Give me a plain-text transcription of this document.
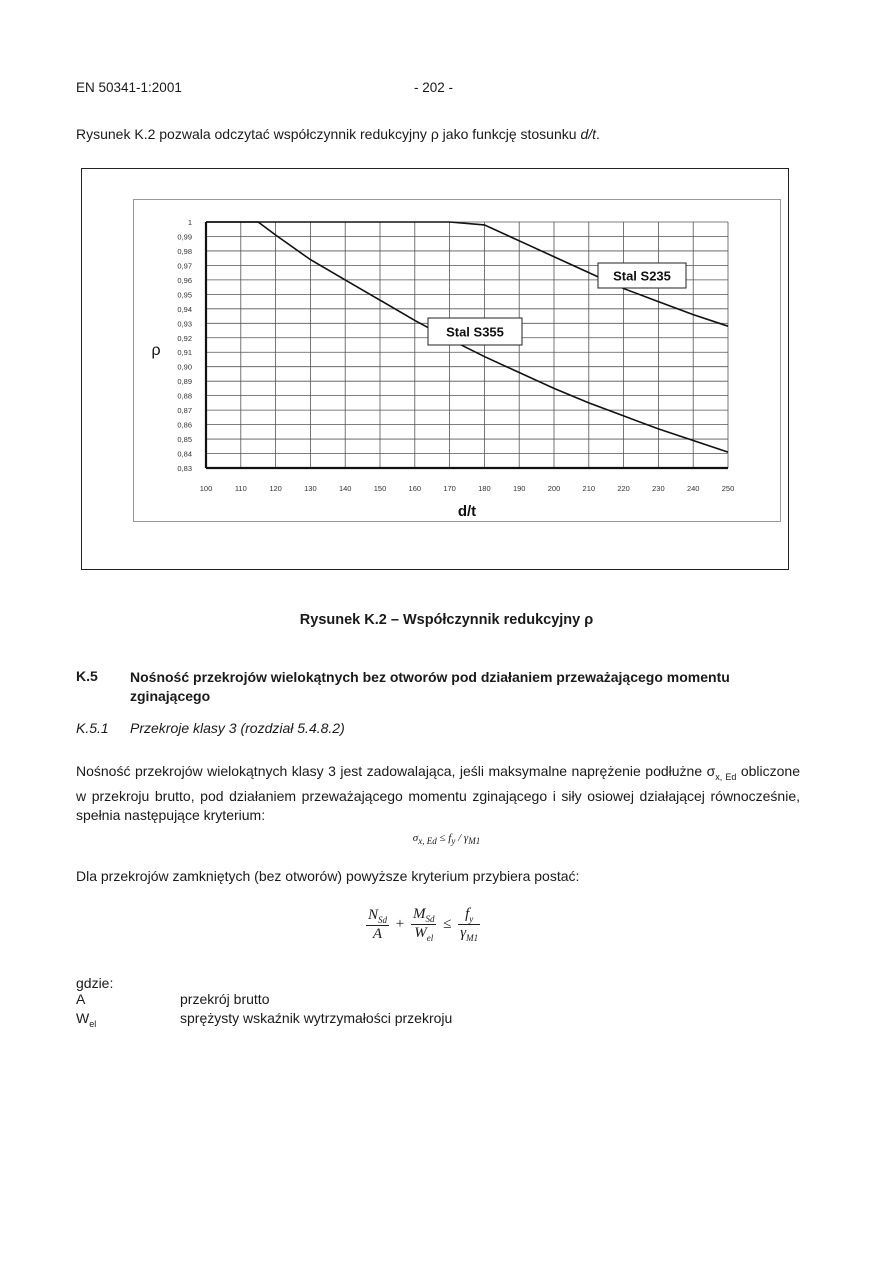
EN 50341-1:2001	- 202 -
Rysunek K.2 pozwala odczytać współczynnik redukcyjny ρ jako funkcję stosunku d/t.
1
0,99
0,98
0,97
0,96
0,95
0,94
0,93
0,92
0,91
0,90
0,89
0,88
0,87
0,86
0,85
0,84
0,83
100	110	120	130	140	150	160	170	180	190	200	210	220	230	240	250
ρ
d/t
Stal S235
Stal S355
Rysunek K.2 – Współczynnik redukcyjny ρ
K.5 Nośność przekrojów wielokątnych bez otworów pod działaniem przeważającego momentu zginającego
K.5.1 Przekroje klasy 3 (rozdział 5.4.8.2)
Nośność przekrojów wielokątnych klasy 3 jest zadowalająca, jeśli maksymalne naprężenie podłużne $\sigma_{x, Ed}$ obliczone w przekroju brutto, pod działaniem przeważającego momentu zginającego i siły osiowej działającej równocześnie, spełnia następujące kryterium:
$\sigma_{x, Ed} \le f_y / \gamma_{M1}$
Dla przekrojów zamkniętych (bez otworów) powyższe kryterium przybiera postać:
$\frac{N_{Sd}}{A} + \frac{M_{Sd}}{W_{el}} \le \frac{f_y}{\gamma_{M1}}$
gdzie:
A	przekrój brutto
$W_{el}$	sprężysty wskaźnik wytrzymałości przekroju
